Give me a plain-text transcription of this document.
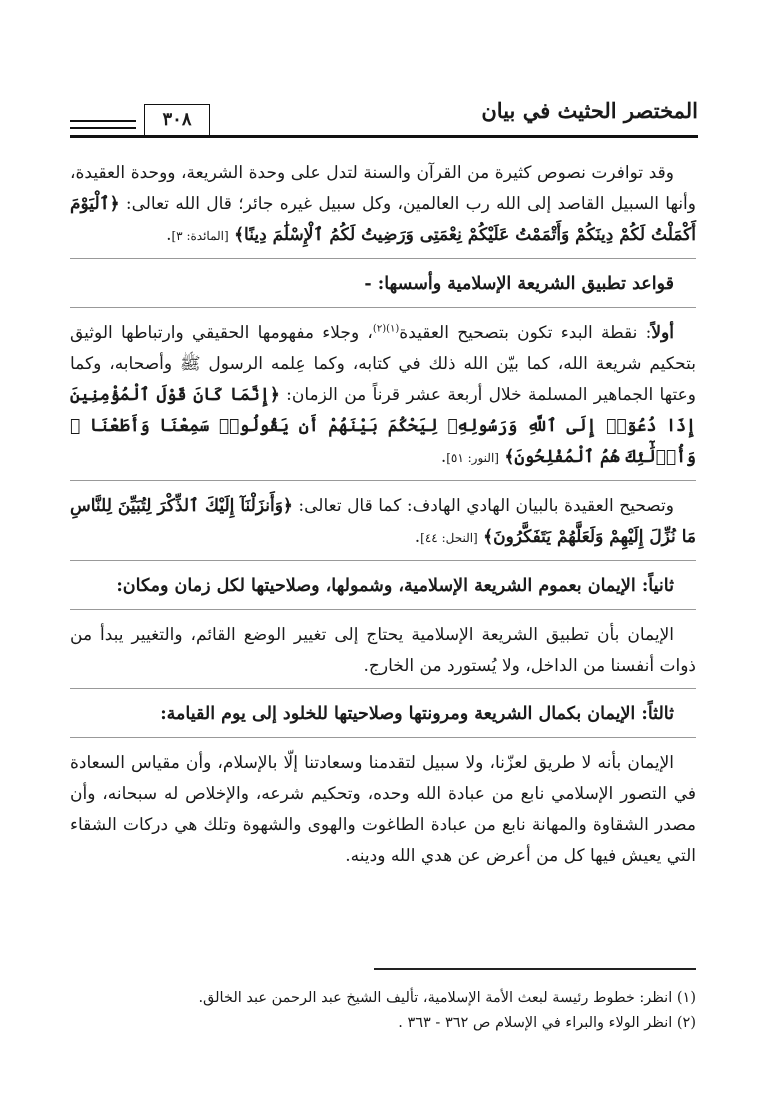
المختصر الحثيث في بيان
٣٠٨

وقد توافرت نصوص كثيرة من القرآن والسنة لتدل على وحدة الشريعة، ووحدة العقيدة، وأنها السبيل القاصد إلى الله رب العالمين، وكل سبيل غيره جائر؛ قال الله تعالى: ﴿ٱلْيَوْمَ أَكْمَلْتُ لَكُمْ دِينَكُمْ وَأَتْمَمْتُ عَلَيْكُمْ نِعْمَتِى وَرَضِيتُ لَكُمُ ٱلْإِسْلَٰمَ دِينًا﴾ [المائدة: ٣].

قواعد تطبيق الشريعة الإسلامية وأسسها: -

أولاً: نقطة البدء تكون بتصحيح العقيدة$^{(١)(٢)}$، وجلاء مفهومها الحقيقي وارتباطها الوثيق بتحكيم شريعة الله، كما بيّن الله ذلك في كتابه، وكما عِلمه الرسول ﷺ وأصحابه، وكما وعتها الجماهير المسلمة خلال أربعة عشر قرناً من الزمان: ﴿إِنَّمَا كَانَ قَوْلَ ٱلْمُؤْمِنِينَ إِذَا دُعُوٓا۟ إِلَى ٱللَّهِ وَرَسُولِهِۦ لِيَحْكُمَ بَيْنَهُمْ أَن يَقُولُوا۟ سَمِعْنَا وَأَطَعْنَا ۚ وَأُو۟لَٰٓئِكَ هُمُ ٱلْمُفْلِحُونَ﴾ [النور: ٥١].

وتصحيح العقيدة بالبيان الهادي الهادف: كما قال تعالى: ﴿وَأَنزَلْنَآ إِلَيْكَ ٱلذِّكْرَ لِتُبَيِّنَ لِلنَّاسِ مَا نُزِّلَ إِلَيْهِمْ وَلَعَلَّهُمْ يَتَفَكَّرُونَ﴾ [النحل: ٤٤].

ثانياً: الإيمان بعموم الشريعة الإسلامية، وشمولها، وصلاحيتها لكل زمان ومكان:

الإيمان بأن تطبيق الشريعة الإسلامية يحتاج إلى تغيير الوضع القائم، والتغيير يبدأ من ذوات أنفسنا من الداخل، ولا يُستورد من الخارج.

ثالثاً: الإيمان بكمال الشريعة ومرونتها وصلاحيتها للخلود إلى يوم القيامة:

الإيمان بأنه لا طريق لعزّنا، ولا سبيل لتقدمنا وسعادتنا إلّا بالإسلام، وأن مقياس السعادة في التصور الإسلامي نابع من عبادة الله وحده، وتحكيم شرعه، والإخلاص له سبحانه، وأن مصدر الشقاوة والمهانة نابع من عبادة الطاغوت والهوى والشهوة وتلك هي دركات الشقاء التي يعيش فيها كل من أعرض عن هدي الله ودينه.

(١) انظر: خطوط رئيسة لبعث الأمة الإسلامية، تأليف الشيخ عبد الرحمن عبد الخالق.
(٢) انظر الولاء والبراء في الإسلام ص ٣٦٢ - ٣٦٣ .
